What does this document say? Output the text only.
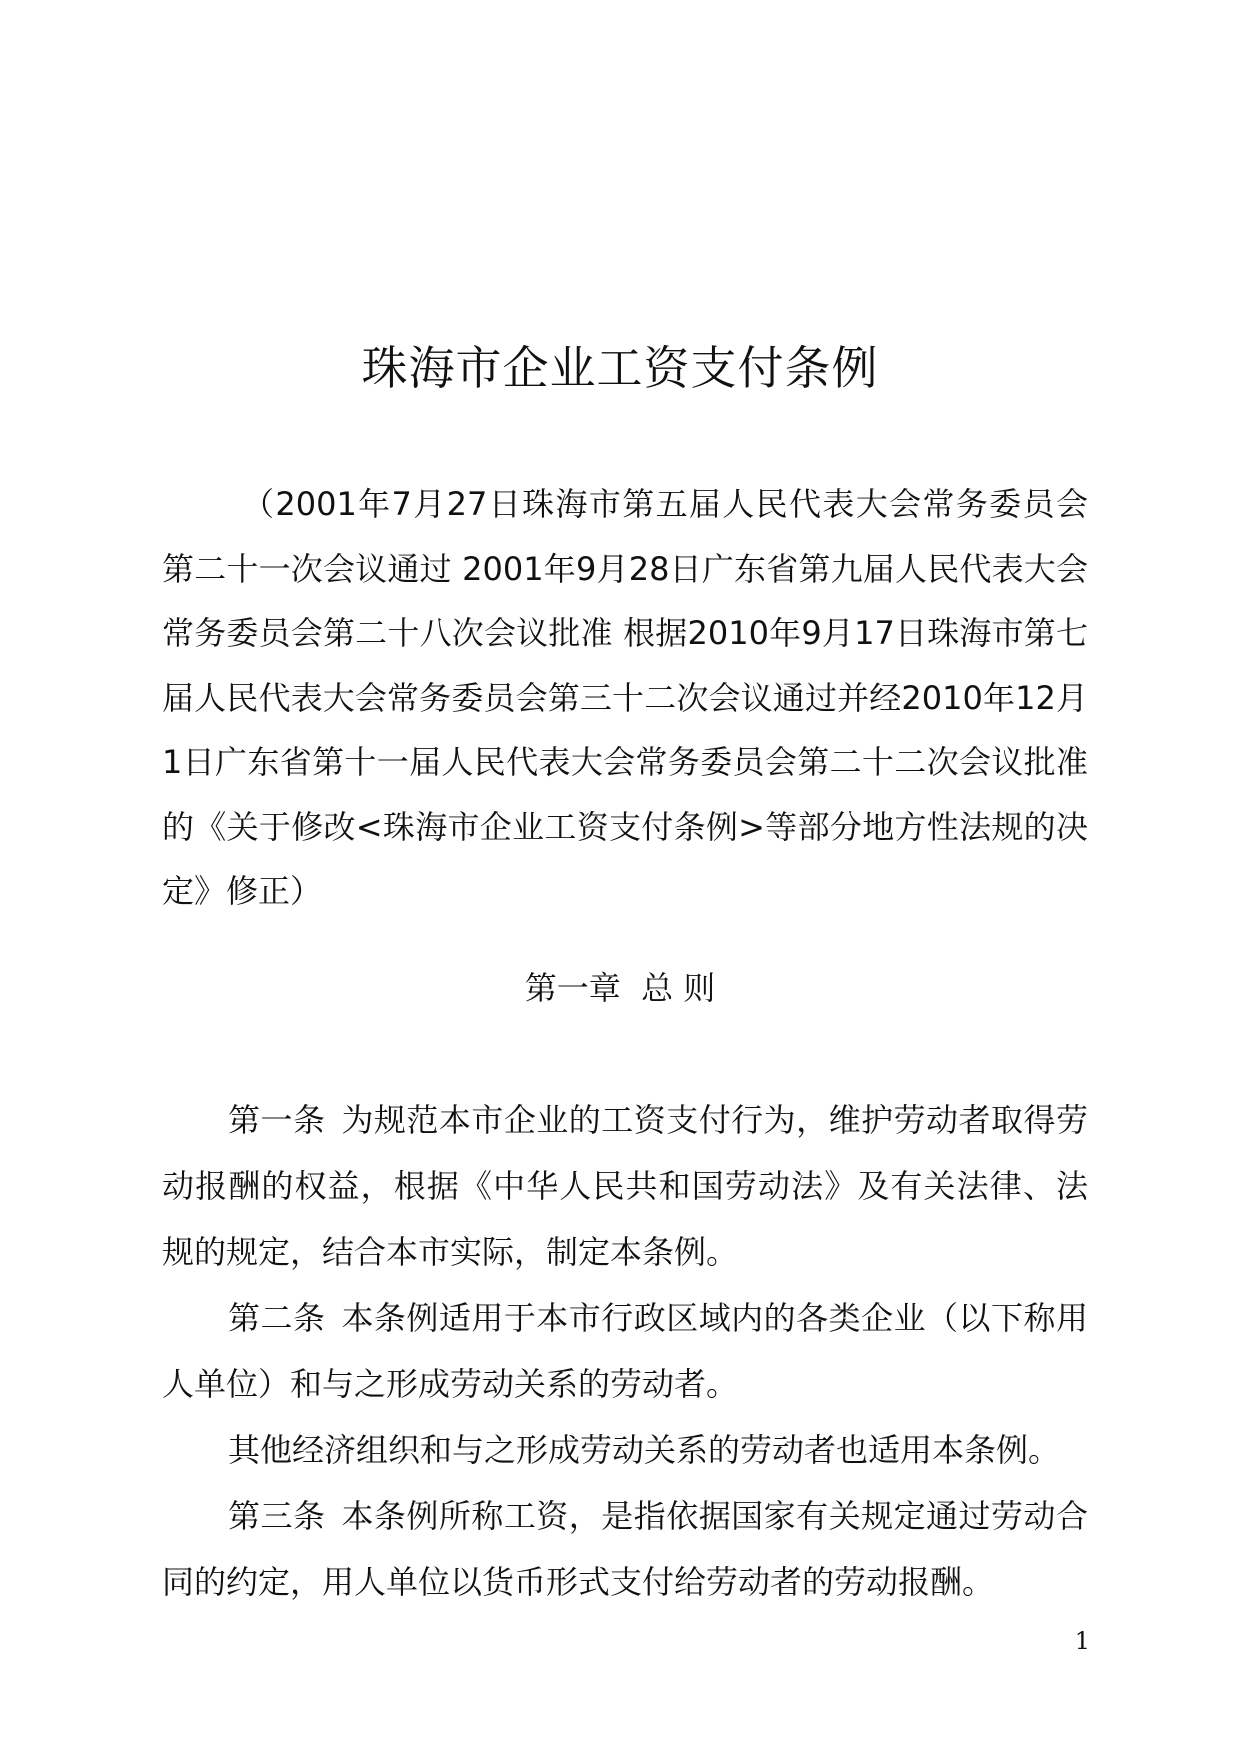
珠海市企业工资支付条例

（2001年7月27日珠海市第五届人民代表大会常务委员会第二十一次会议通过 2001年9月28日广东省第九届人民代表大会常务委员会第二十八次会议批准 根据2010年9月17日珠海市第七届人民代表大会常务委员会第三十二次会议通过并经2010年12月1日广东省第十一届人民代表大会常务委员会第二十二次会议批准的《关于修改<珠海市企业工资支付条例>等部分地方性法规的决定》修正）

第一章  总 则

第一条 为规范本市企业的工资支付行为，维护劳动者取得劳动报酬的权益，根据《中华人民共和国劳动法》及有关法律、法规的规定，结合本市实际，制定本条例。

第二条 本条例适用于本市行政区域内的各类企业（以下称用人单位）和与之形成劳动关系的劳动者。

其他经济组织和与之形成劳动关系的劳动者也适用本条例。

第三条 本条例所称工资，是指依据国家有关规定通过劳动合同的约定，用人单位以货币形式支付给劳动者的劳动报酬。

1
